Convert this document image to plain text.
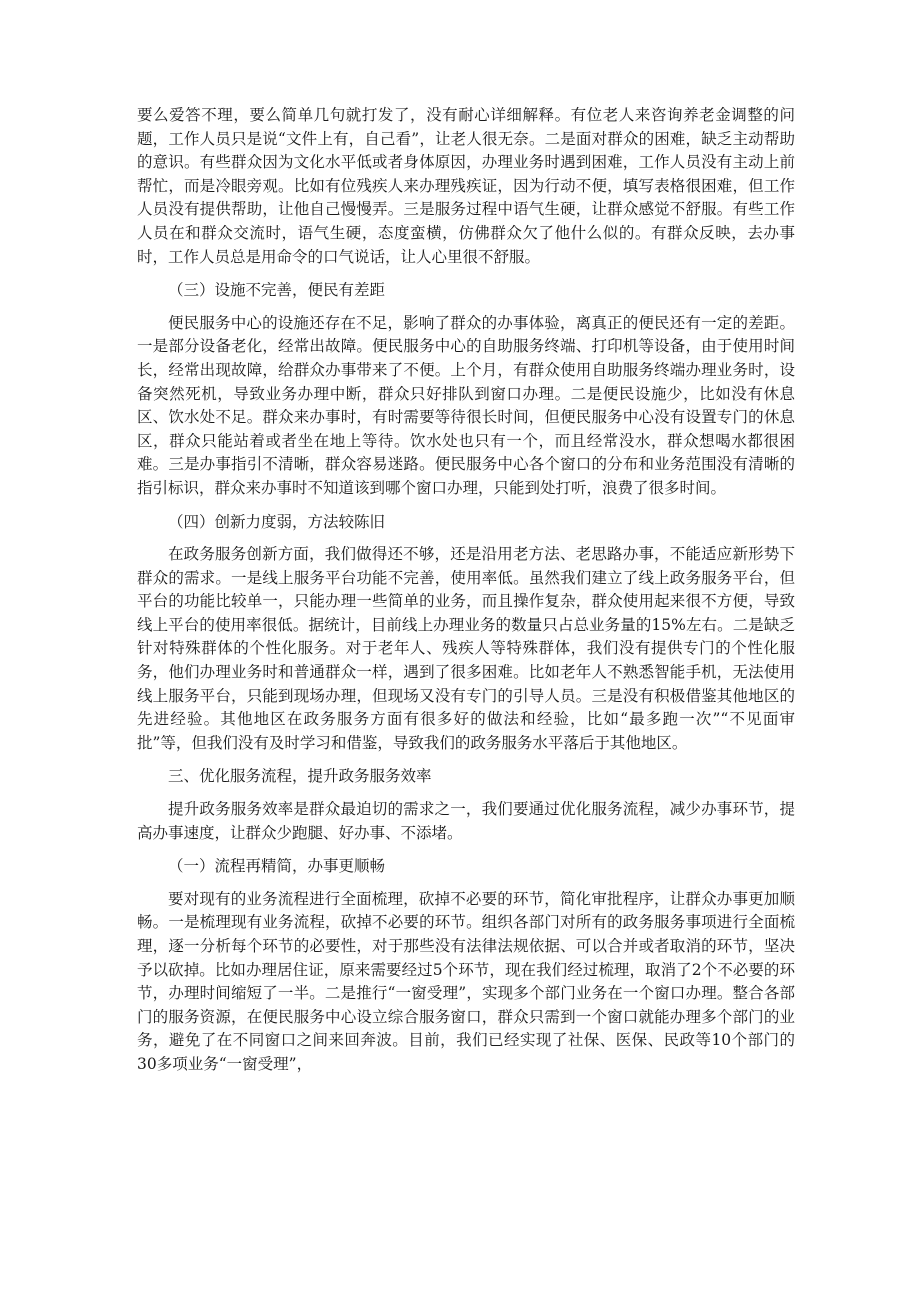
要么爱答不理，要么简单几句就打发了，没有耐心详细解释。有位老人来咨询养老金调整的问题，工作人员只是说“文件上有，自己看”，让老人很无奈。二是面对群众的困难，缺乏主动帮助的意识。有些群众因为文化水平低或者身体原因，办理业务时遇到困难，工作人员没有主动上前帮忙，而是冷眼旁观。比如有位残疾人来办理残疾证，因为行动不便，填写表格很困难，但工作人员没有提供帮助，让他自己慢慢弄。三是服务过程中语气生硬，让群众感觉不舒服。有些工作人员在和群众交流时，语气生硬，态度蛮横，仿佛群众欠了他什么似的。有群众反映，去办事时，工作人员总是用命令的口气说话，让人心里很不舒服。

（三）设施不完善，便民有差距

便民服务中心的设施还存在不足，影响了群众的办事体验，离真正的便民还有一定的差距。一是部分设备老化，经常出故障。便民服务中心的自助服务终端、打印机等设备，由于使用时间长，经常出现故障，给群众办事带来了不便。上个月，有群众使用自助服务终端办理业务时，设备突然死机，导致业务办理中断，群众只好排队到窗口办理。二是便民设施少，比如没有休息区、饮水处不足。群众来办事时，有时需要等待很长时间，但便民服务中心没有设置专门的休息区，群众只能站着或者坐在地上等待。饮水处也只有一个，而且经常没水，群众想喝水都很困难。三是办事指引不清晰，群众容易迷路。便民服务中心各个窗口的分布和业务范围没有清晰的指引标识，群众来办事时不知道该到哪个窗口办理，只能到处打听，浪费了很多时间。

（四）创新力度弱，方法较陈旧

在政务服务创新方面，我们做得还不够，还是沿用老方法、老思路办事，不能适应新形势下群众的需求。一是线上服务平台功能不完善，使用率低。虽然我们建立了线上政务服务平台，但平台的功能比较单一，只能办理一些简单的业务，而且操作复杂，群众使用起来很不方便，导致线上平台的使用率很低。据统计，目前线上办理业务的数量只占总业务量的15%左右。二是缺乏针对特殊群体的个性化服务。对于老年人、残疾人等特殊群体，我们没有提供专门的个性化服务，他们办理业务时和普通群众一样，遇到了很多困难。比如老年人不熟悉智能手机，无法使用线上服务平台，只能到现场办理，但现场又没有专门的引导人员。三是没有积极借鉴其他地区的先进经验。其他地区在政务服务方面有很多好的做法和经验，比如“最多跑一次”“不见面审批”等，但我们没有及时学习和借鉴，导致我们的政务服务水平落后于其他地区。

三、优化服务流程，提升政务服务效率

提升政务服务效率是群众最迫切的需求之一，我们要通过优化服务流程，减少办事环节，提高办事速度，让群众少跑腿、好办事、不添堵。

（一）流程再精简，办事更顺畅

要对现有的业务流程进行全面梳理，砍掉不必要的环节，简化审批程序，让群众办事更加顺畅。一是梳理现有业务流程，砍掉不必要的环节。组织各部门对所有的政务服务事项进行全面梳理，逐一分析每个环节的必要性，对于那些没有法律法规依据、可以合并或者取消的环节，坚决予以砍掉。比如办理居住证，原来需要经过5个环节，现在我们经过梳理，取消了2个不必要的环节，办理时间缩短了一半。二是推行“一窗受理”，实现多个部门业务在一个窗口办理。整合各部门的服务资源，在便民服务中心设立综合服务窗口，群众只需到一个窗口就能办理多个部门的业务，避免了在不同窗口之间来回奔波。目前，我们已经实现了社保、医保、民政等10个部门的30多项业务“一窗受理”，
